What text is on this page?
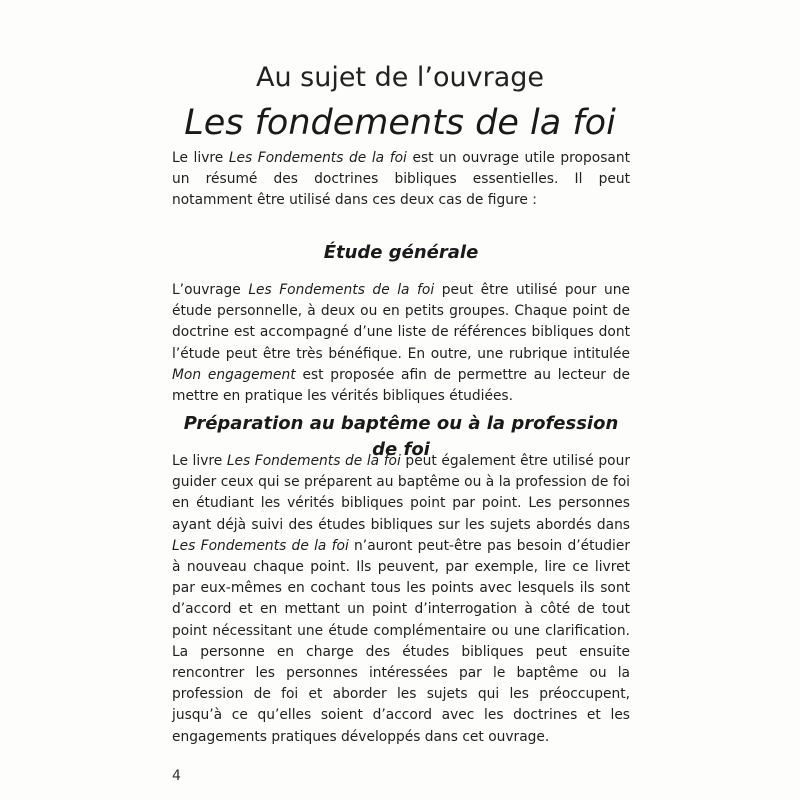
Au sujet de l’ouvrage
Les fondements de la foi

Le livre Les Fondements de la foi est un ouvrage utile proposant un résumé des doctrines bibliques essentielles. Il peut notamment être utilisé dans ces deux cas de figure :

Étude générale

L’ouvrage Les Fondements de la foi peut être utilisé pour une étude personnelle, à deux ou en petits groupes. Chaque point de doctrine est accompagné d’une liste de références bibliques dont l’étude peut être très bénéfique. En outre, une rubrique intitulée Mon engagement est proposée afin de permettre au lecteur de mettre en pratique les vérités bibliques étudiées.

Préparation au baptême ou à la profession de foi

Le livre Les Fondements de la foi peut également être utilisé pour guider ceux qui se préparent au baptême ou à la profession de foi en étudiant les vérités bibliques point par point. Les personnes ayant déjà suivi des études bibliques sur les sujets abordés dans Les Fondements de la foi n’auront peut-être pas besoin d’étudier à nouveau chaque point. Ils peuvent, par exemple, lire ce livret par eux-mêmes en cochant tous les points avec lesquels ils sont d’accord et en mettant un point d’interrogation à côté de tout point nécessitant une étude complémentaire ou une clarification. La personne en charge des études bibliques peut ensuite rencontrer les personnes intéressées par le baptême ou la profession de foi et aborder les sujets qui les préoccupent, jusqu’à ce qu’elles soient d’accord avec les doctrines et les engagements pratiques développés dans cet ouvrage.

4
